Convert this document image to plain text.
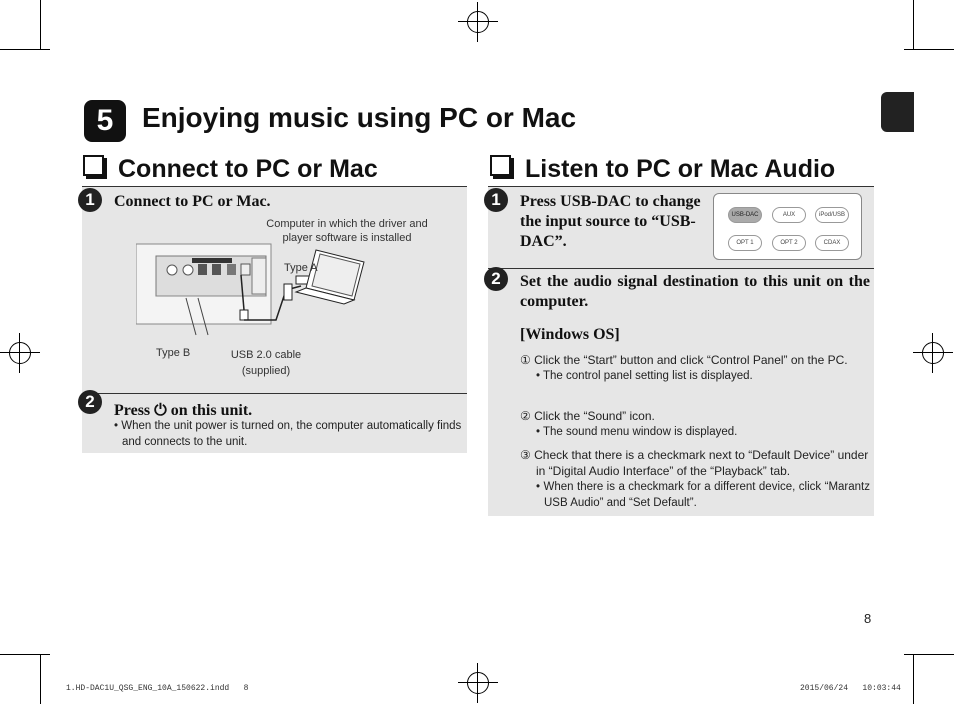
5	Enjoying music using PC or Mac
Connect to PC or Mac
1	Connect to PC or Mac.
Computer in which the driver and player software is installed
Type A
Type B	USB 2.0 cable (supplied)
2	Press ⏻ on this unit.
• When the unit power is turned on, the computer automatically finds and connects to the unit.
Listen to PC or Mac Audio
1	Press USB-DAC to change the input source to “USB-DAC”.
USB-DAC	AUX	iPod/USB
OPT 1	OPT 2	CDAX
2	Set the audio signal destination to this unit on the computer.
[Windows OS]
① Click the “Start” button and click “Control Panel” on the PC.
• The control panel setting list is displayed.
② Click the “Sound” icon.
• The sound menu window is displayed.
③ Check that there is a checkmark next to “Default Device” under in “Digital Audio Interface” of the “Playback” tab.
• When there is a checkmark for a different device, click “Marantz USB Audio” and “Set Default”.
8
1.HD-DAC1U_QSG_ENG_10A_150622.indd   8	2015/06/24   10:03:44
